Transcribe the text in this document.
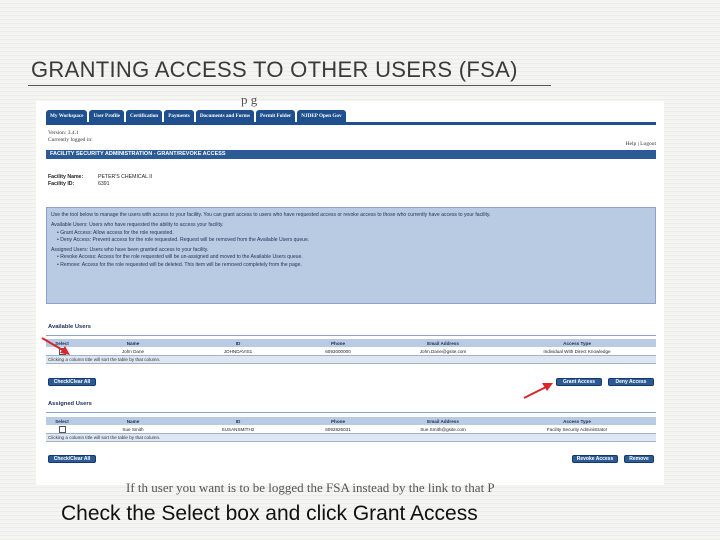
GRANTING ACCESS TO OTHER USERS (FSA)
p g
My Workspace	User Profile	Certification	Payments	Documents and Forms	Permit Folder	NJDEP Open Gov
Version: 3.4.1
Currently logged in:
Help | Logout
FACILITY SECURITY ADMINISTRATION - GRANT/REVOKE ACCESS
Facility Name:	PETER'S CHEMICAL II
Facility ID:	6391

Use the tool below to manage the users with access to your facility. You can grant access to users who have requested access or revoke access to those who currently have access to your facility.

Available Users: Users who have requested the ability to access your facility.

• Grant Access: Allow access for the role requested.

• Deny Access: Prevent access for the role requested. Request will be removed from the Available Users queue.

Assigned Users: Users who have been granted access to your facility.

• Revoke Access: Access for the role requested will be un-assigned and moved to the Available Users queue.

• Remove: Access for the role requested will be deleted. This item will be removed completely from the page.

Available Users
Select	Name	ID	Phone	Email Address	Access Type
	John Dane	JOHNDAVIS1	6093000000	John.Dane@gsite.com	Individual With Direct Knowledge
Clicking a column title will sort the table by that column.					
Check/Clear All	Grant Access	Deny Access
Assigned Users
Select	Name	ID	Phone	Email Address	Access Type
	Sue Smith	SUSANSMITH2	6092826031	Sue.Smith@gsite.com	Facility Security Administrator
Clicking a column title will sort the table by that column.					
Check/Clear All	Revoke Access	Remove
If th user you want is to be logged the FSA instead by the link to that P
Check the Select box and click Grant Access
